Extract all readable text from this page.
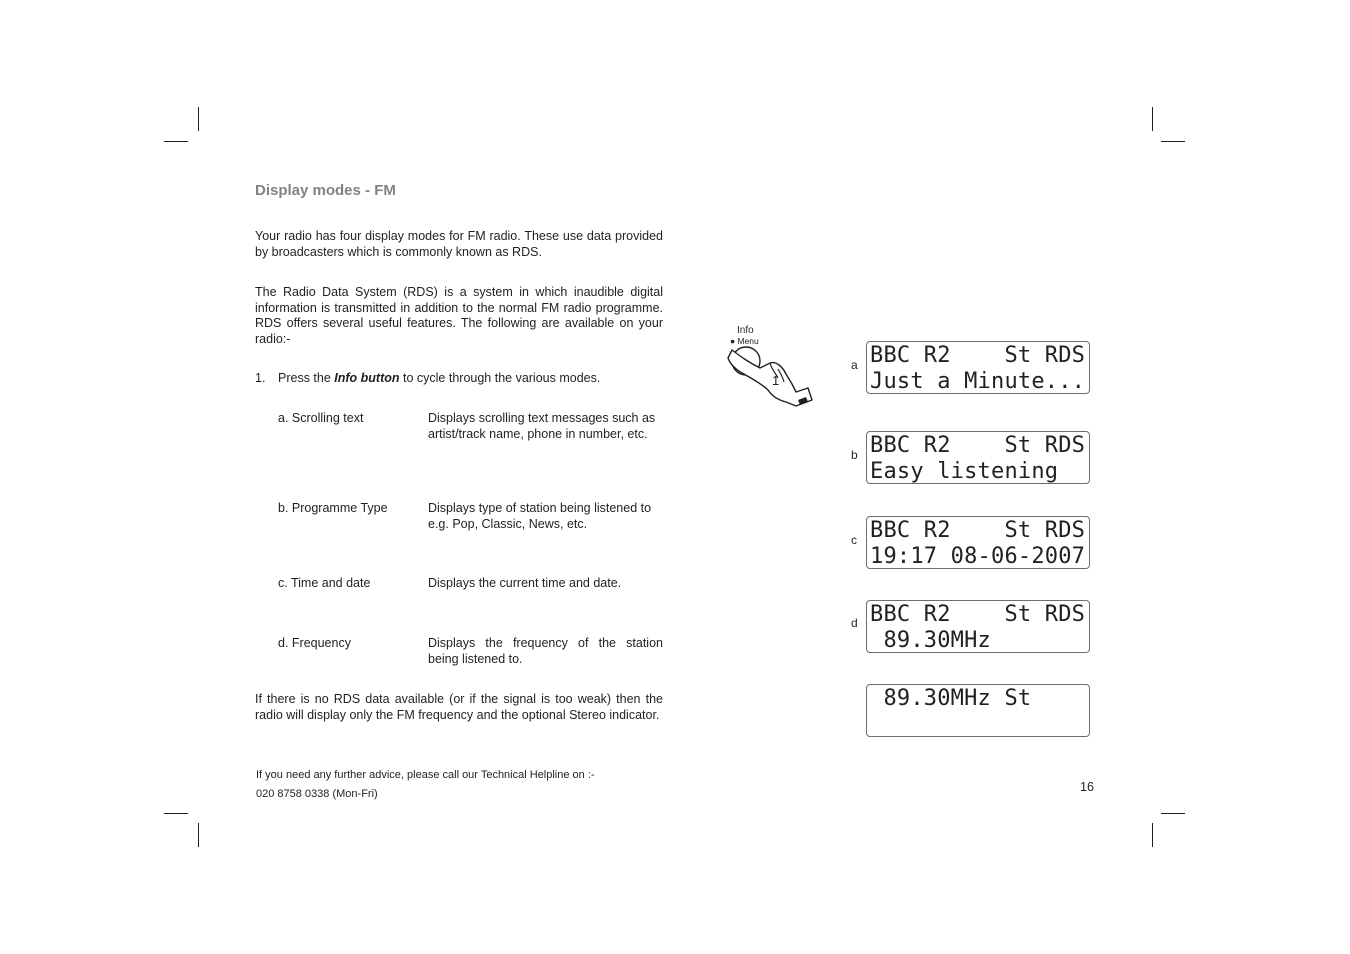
Display modes - FM
Your radio has four display modes for FM radio. These use data provided by broadcasters which is commonly known as RDS.
The Radio Data System (RDS) is a system in which inaudible digital information is transmitted in addition to the normal FM radio programme. RDS offers several useful features. The following are available on your radio:-
1. Press the Info button to cycle through the various modes.
a. Scrolling text	Displays scrolling text messages such as artist/track name, phone in number, etc.
b. Programme Type	Displays type of station being listened to e.g. Pop, Classic, News, etc.
c. Time and date	Displays the current time and date.
d. Frequency	Displays the frequency of the station being listened to.
If there is no RDS data available (or if the signal is too weak) then the radio will display only the FM frequency and the optional Stereo indicator.
If you need any further advice, please call our Technical Helpline on :-
020 8758 0338 (Mon-Fri)	16
Info
● Menu
1
a BBC R2    St RDS
Just a Minute...
b BBC R2    St RDS
Easy listening
c BBC R2    St RDS
19:17 08-06-2007
d BBC R2    St RDS
89.30MHz
89.30MHz St
